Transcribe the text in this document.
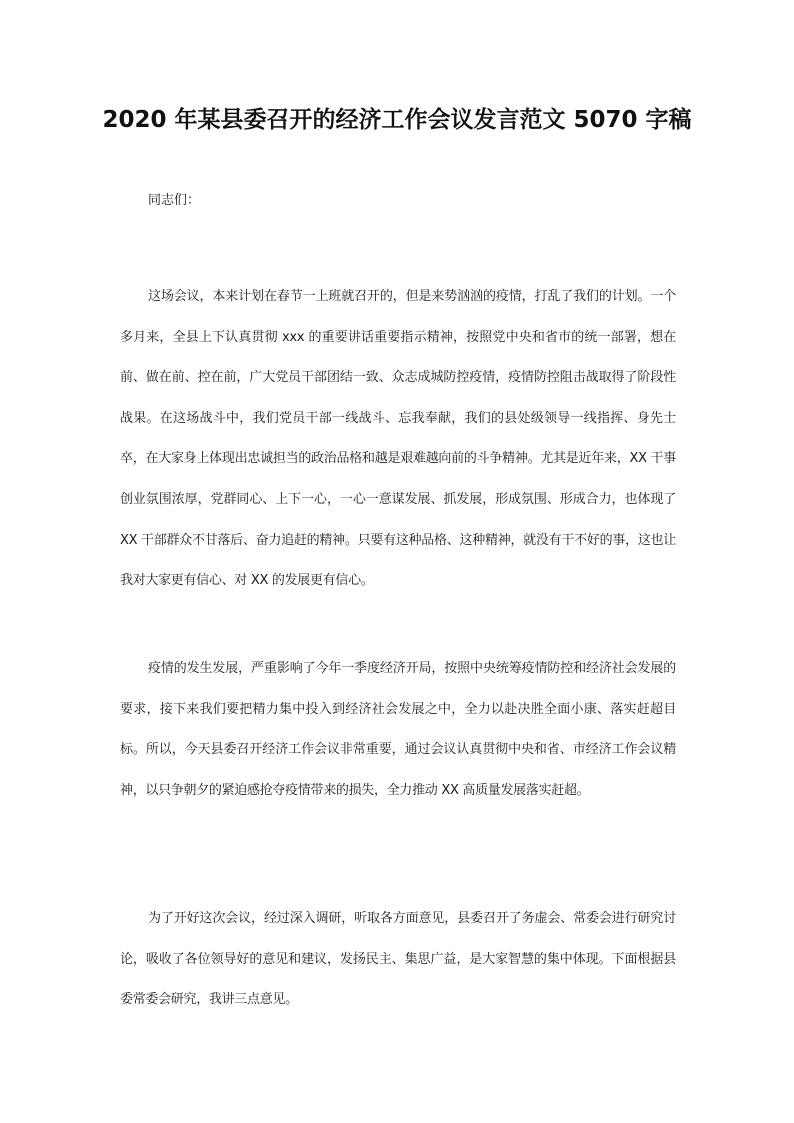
2020 年某县委召开的经济工作会议发言范文 5070 字稿

同志们：

这场会议，本来计划在春节一上班就召开的，但是来势汹汹的疫情，打乱了我们的计划。一个多月来，全县上下认真贯彻 xxx 的重要讲话重要指示精神，按照党中央和省市的统一部署，想在前、做在前、控在前，广大党员干部团结一致、众志成城防控疫情，疫情防控阻击战取得了阶段性战果。在这场战斗中，我们党员干部一线战斗、忘我奉献，我们的县处级领导一线指挥、身先士卒，在大家身上体现出忠诚担当的政治品格和越是艰难越向前的斗争精神。尤其是近年来，XX 干事创业氛围浓厚，党群同心、上下一心，一心一意谋发展、抓发展，形成氛围、形成合力，也体现了 XX 干部群众不甘落后、奋力追赶的精神。只要有这种品格、这种精神，就没有干不好的事，这也让我对大家更有信心、对 XX 的发展更有信心。

疫情的发生发展，严重影响了今年一季度经济开局，按照中央统筹疫情防控和经济社会发展的要求，接下来我们要把精力集中投入到经济社会发展之中，全力以赴决胜全面小康、落实赶超目标。所以，今天县委召开经济工作会议非常重要，通过会议认真贯彻中央和省、市经济工作会议精神，以只争朝夕的紧迫感抢夺疫情带来的损失，全力推动 XX 高质量发展落实赶超。

为了开好这次会议，经过深入调研，听取各方面意见，县委召开了务虚会、常委会进行研究讨论，吸收了各位领导好的意见和建议，发扬民主、集思广益，是大家智慧的集中体现。下面根据县委常委会研究，我讲三点意见。
